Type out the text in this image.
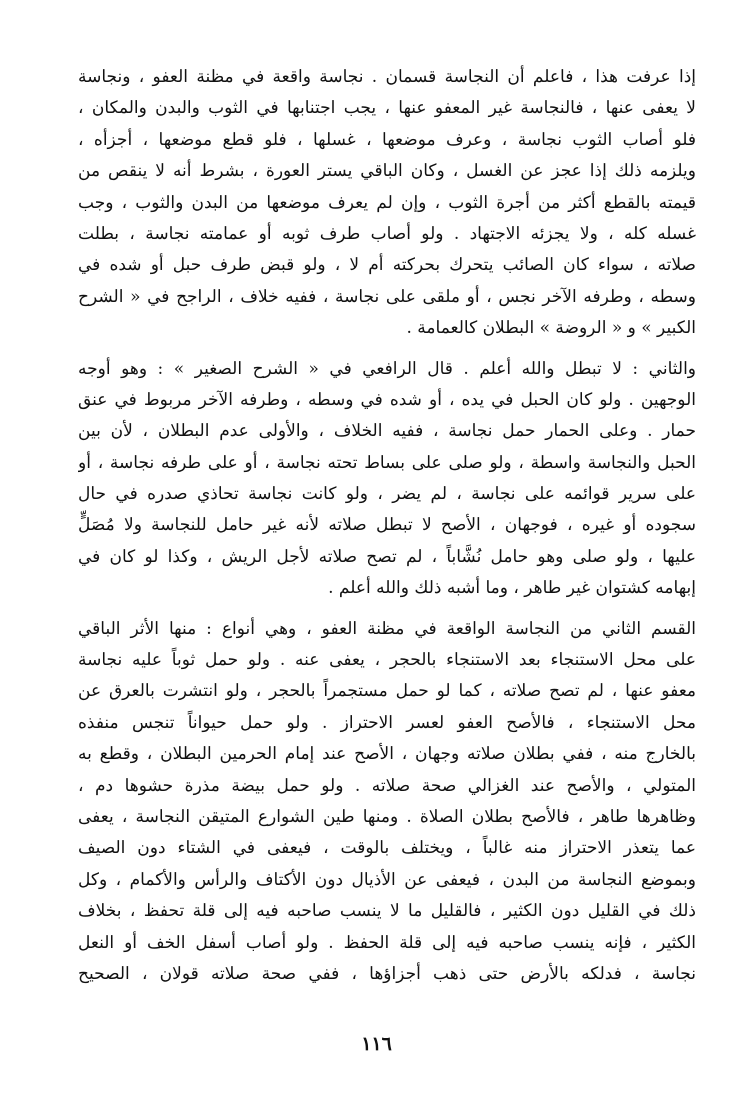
إذا عرفت هذا ، فاعلم أن النجاسة قسمان . نجاسة واقعة في مظنة العفو ، ونجاسة
لا يعفى عنها ، فالنجاسة غير المعفو عنها ، يجب اجتنابها في الثوب والبدن والمكان ،
فلو أصاب الثوب نجاسة ، وعرف موضعها ، غسلها ، فلو قطع موضعها ، أجزأه ،
ويلزمه ذلك إذا عجز عن الغسل ، وكان الباقي يستر العورة ، بشرط أنه لا ينقص من
قيمته بالقطع أكثر من أجرة الثوب ، وإن لم يعرف موضعها من البدن والثوب ، وجب
غسله كله ، ولا يجزئه الاجتهاد . ولو أصاب طرف ثوبه أو عمامته نجاسة ، بطلت
صلاته ، سواء كان الصائب يتحرك بحركته أم لا ، ولو قبض طرف حبل أو شده في
وسطه ، وطرفه الآخر نجس ، أو ملقى على نجاسة ، ففيه خلاف ، الراجح في « الشرح
الكبير » و « الروضة » البطلان كالعمامة .
والثاني : لا تبطل والله أعلم . قال الرافعي في « الشرح الصغير » : وهو أوجه
الوجهين . ولو كان الحبل في يده ، أو شده في وسطه ، وطرفه الآخر مربوط في عنق
حمار . وعلى الحمار حمل نجاسة ، ففيه الخلاف ، والأولى عدم البطلان ، لأن بين
الحبل والنجاسة واسطة ، ولو صلى على بساط تحته نجاسة ، أو على طرفه نجاسة ، أو
على سرير قوائمه على نجاسة ، لم يضر ، ولو كانت نجاسة تحاذي صدره في حال
سجوده أو غيره ، فوجهان ، الأصح لا تبطل صلاته لأنه غير حامل للنجاسة ولا مُصَلٍّ
عليها ، ولو صلى وهو حامل نُشَّاباً ، لم تصح صلاته لأجل الريش ، وكذا لو كان في
إبهامه كشتوان غير طاهر ، وما أشبه ذلك والله أعلم .
القسم الثاني من النجاسة الواقعة في مظنة العفو ، وهي أنواع : منها الأثر الباقي
على محل الاستنجاء بعد الاستنجاء بالحجر ، يعفى عنه . ولو حمل ثوباً عليه نجاسة
معفو عنها ، لم تصح صلاته ، كما لو حمل مستجمراً بالحجر ، ولو انتشرت بالعرق عن
محل الاستنجاء ، فالأصح العفو لعسر الاحتراز . ولو حمل حيواناً تنجس منفذه
بالخارج منه ، ففي بطلان صلاته وجهان ، الأصح عند إمام الحرمين البطلان ، وقطع به
المتولي ، والأصح عند الغزالي صحة صلاته . ولو حمل بيضة مذرة حشوها دم ،
وظاهرها طاهر ، فالأصح بطلان الصلاة . ومنها طين الشوارع المتيقن النجاسة ، يعفى
عما يتعذر الاحتراز منه غالباً ، ويختلف بالوقت ، فيعفى في الشتاء دون الصيف
وبموضع النجاسة من البدن ، فيعفى عن الأذيال دون الأكتاف والرأس والأكمام ، وكل
ذلك في القليل دون الكثير ، فالقليل ما لا ينسب صاحبه فيه إلى قلة تحفظ ، بخلاف
الكثير ، فإنه ينسب صاحبه فيه إلى قلة الحفظ . ولو أصاب أسفل الخف أو النعل
نجاسة ، فدلكه بالأرض حتى ذهب أجزاؤها ، ففي صحة صلاته قولان ، الصحيح
١١٦
